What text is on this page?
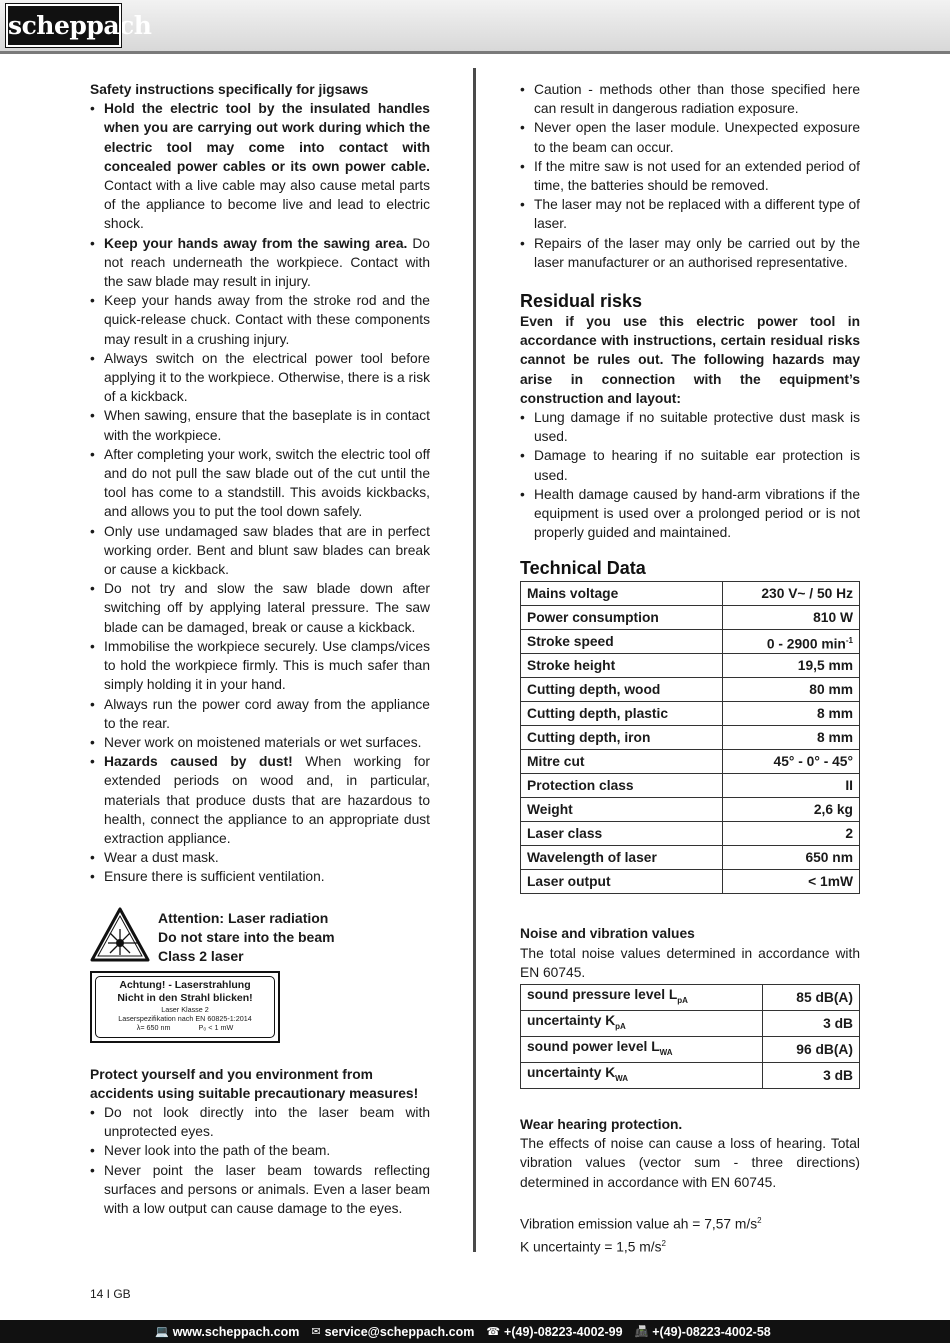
scheppach
Safety instructions specifically for jigsaws
• Hold the electric tool by the insulated handles when you are carrying out work during which the electric tool may come into contact with concealed power cables or its own power cable. Contact with a live cable may also cause metal parts of the appliance to become live and lead to electric shock.
• Keep your hands away from the sawing area. Do not reach underneath the workpiece. Contact with the saw blade may result in injury.
• Keep your hands away from the stroke rod and the quick-release chuck. Contact with these components may result in a crushing injury.
• Always switch on the electrical power tool before applying it to the workpiece. Otherwise, there is a risk of a kickback.
• When sawing, ensure that the baseplate is in contact with the workpiece.
• After completing your work, switch the electric tool off and do not pull the saw blade out of the cut until the tool has come to a standstill. This avoids kickbacks, and allows you to put the tool down safely.
• Only use undamaged saw blades that are in perfect working order. Bent and blunt saw blades can break or cause a kickback.
• Do not try and slow the saw blade down after switching off by applying lateral pressure. The saw blade can be damaged, break or cause a kickback.
• Immobilise the workpiece securely. Use clamps/vices to hold the workpiece firmly. This is much safer than simply holding it in your hand.
• Always run the power cord away from the appliance to the rear.
• Never work on moistened materials or wet surfaces.
• Hazards caused by dust! When working for extended periods on wood and, in particular, materials that produce dusts that are hazardous to health, connect the appliance to an appropriate dust extraction appliance.
• Wear a dust mask.
• Ensure there is sufficient ventilation.
Attention: Laser radiation
Do not stare into the beam
Class 2 laser
Achtung! - Laserstrahlung
Nicht in den Strahl blicken!
Laser Klasse 2
Laserspezifikation nach EN 60825-1:2014
λ= 650 nm	P₀ < 1 mW
Protect yourself and you environment from accidents using suitable precautionary measures!
• Do not look directly into the laser beam with unprotected eyes.
• Never look into the path of the beam.
• Never point the laser beam towards reflecting surfaces and persons or animals. Even a laser beam with a low output can cause damage to the eyes.
• Caution - methods other than those specified here can result in dangerous radiation exposure.
• Never open the laser module. Unexpected exposure to the beam can occur.
• If the mitre saw is not used for an extended period of time, the batteries should be removed.
• The laser may not be replaced with a different type of laser.
• Repairs of the laser may only be carried out by the laser manufacturer or an authorised representative.
Residual risks
Even if you use this electric power tool in accordance with instructions, certain residual risks cannot be rules out. The following hazards may arise in connection with the equipment’s construction and layout:
• Lung damage if no suitable protective dust mask is used.
• Damage to hearing if no suitable ear protection is used.
• Health damage caused by hand-arm vibrations if the equipment is used over a prolonged period or is not properly guided and maintained.
Technical Data
Mains voltage	230 V~ / 50 Hz
Power consumption	810 W
Stroke speed	0 - 2900 $\min^{-1}$
Stroke height	19,5 mm
Cutting depth, wood	80 mm
Cutting depth, plastic	8 mm
Cutting depth, iron	8 mm
Mitre cut	45° - 0° - 45°
Protection class	II
Weight	2,6 kg
Laser class	2
Wavelength of laser	650 nm
Laser output	< 1mW
Noise and vibration values
The total noise values determined in accordance with EN 60745.
sound pressure level $L_{pA}$	85 dB(A)
uncertainty $K_{pA}$	3 dB
sound power level $L_{WA}$	96 dB(A)
uncertainty $K_{WA}$	3 dB
Wear hearing protection.
The effects of noise can cause a loss of hearing. Total vibration values (vector sum - three directions) determined in accordance with EN 60745.
Vibration emission value ah = 7,57 $m/s^2$
K uncertainty = 1,5 $m/s^2$
14 I GB
💻 www.scheppach.com ✉ service@scheppach.com ☎ +(49)-08223-4002-99 📠 +(49)-08223-4002-58
